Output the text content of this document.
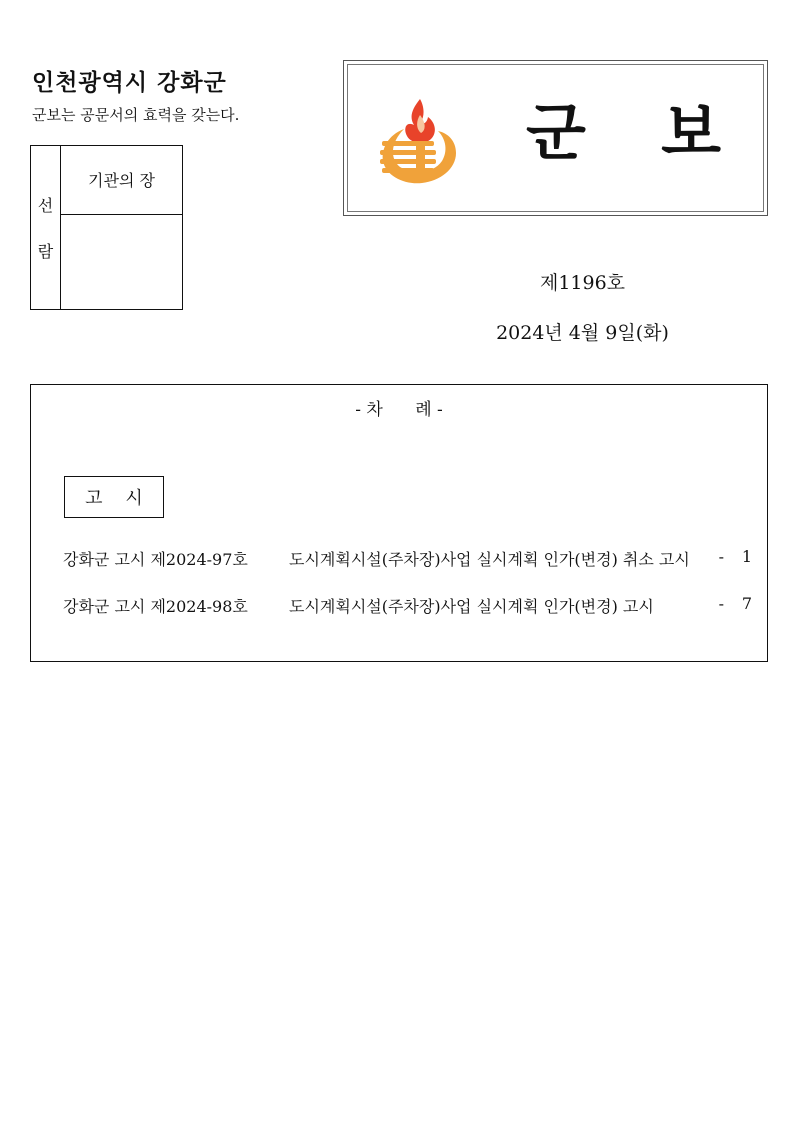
인천광역시 강화군
군보는 공문서의 효력을 갖는다.
선
람
기관의 장
군 보
제1196호
2024년 4월 9일(화)
- 차      례 -
고    시
강화군 고시 제2024-97호	도시계획시설(주차장)사업 실시계획 인가(변경) 취소 고시 - 1
강화군 고시 제2024-98호	도시계획시설(주차장)사업 실시계획 인가(변경) 고시	- 7
